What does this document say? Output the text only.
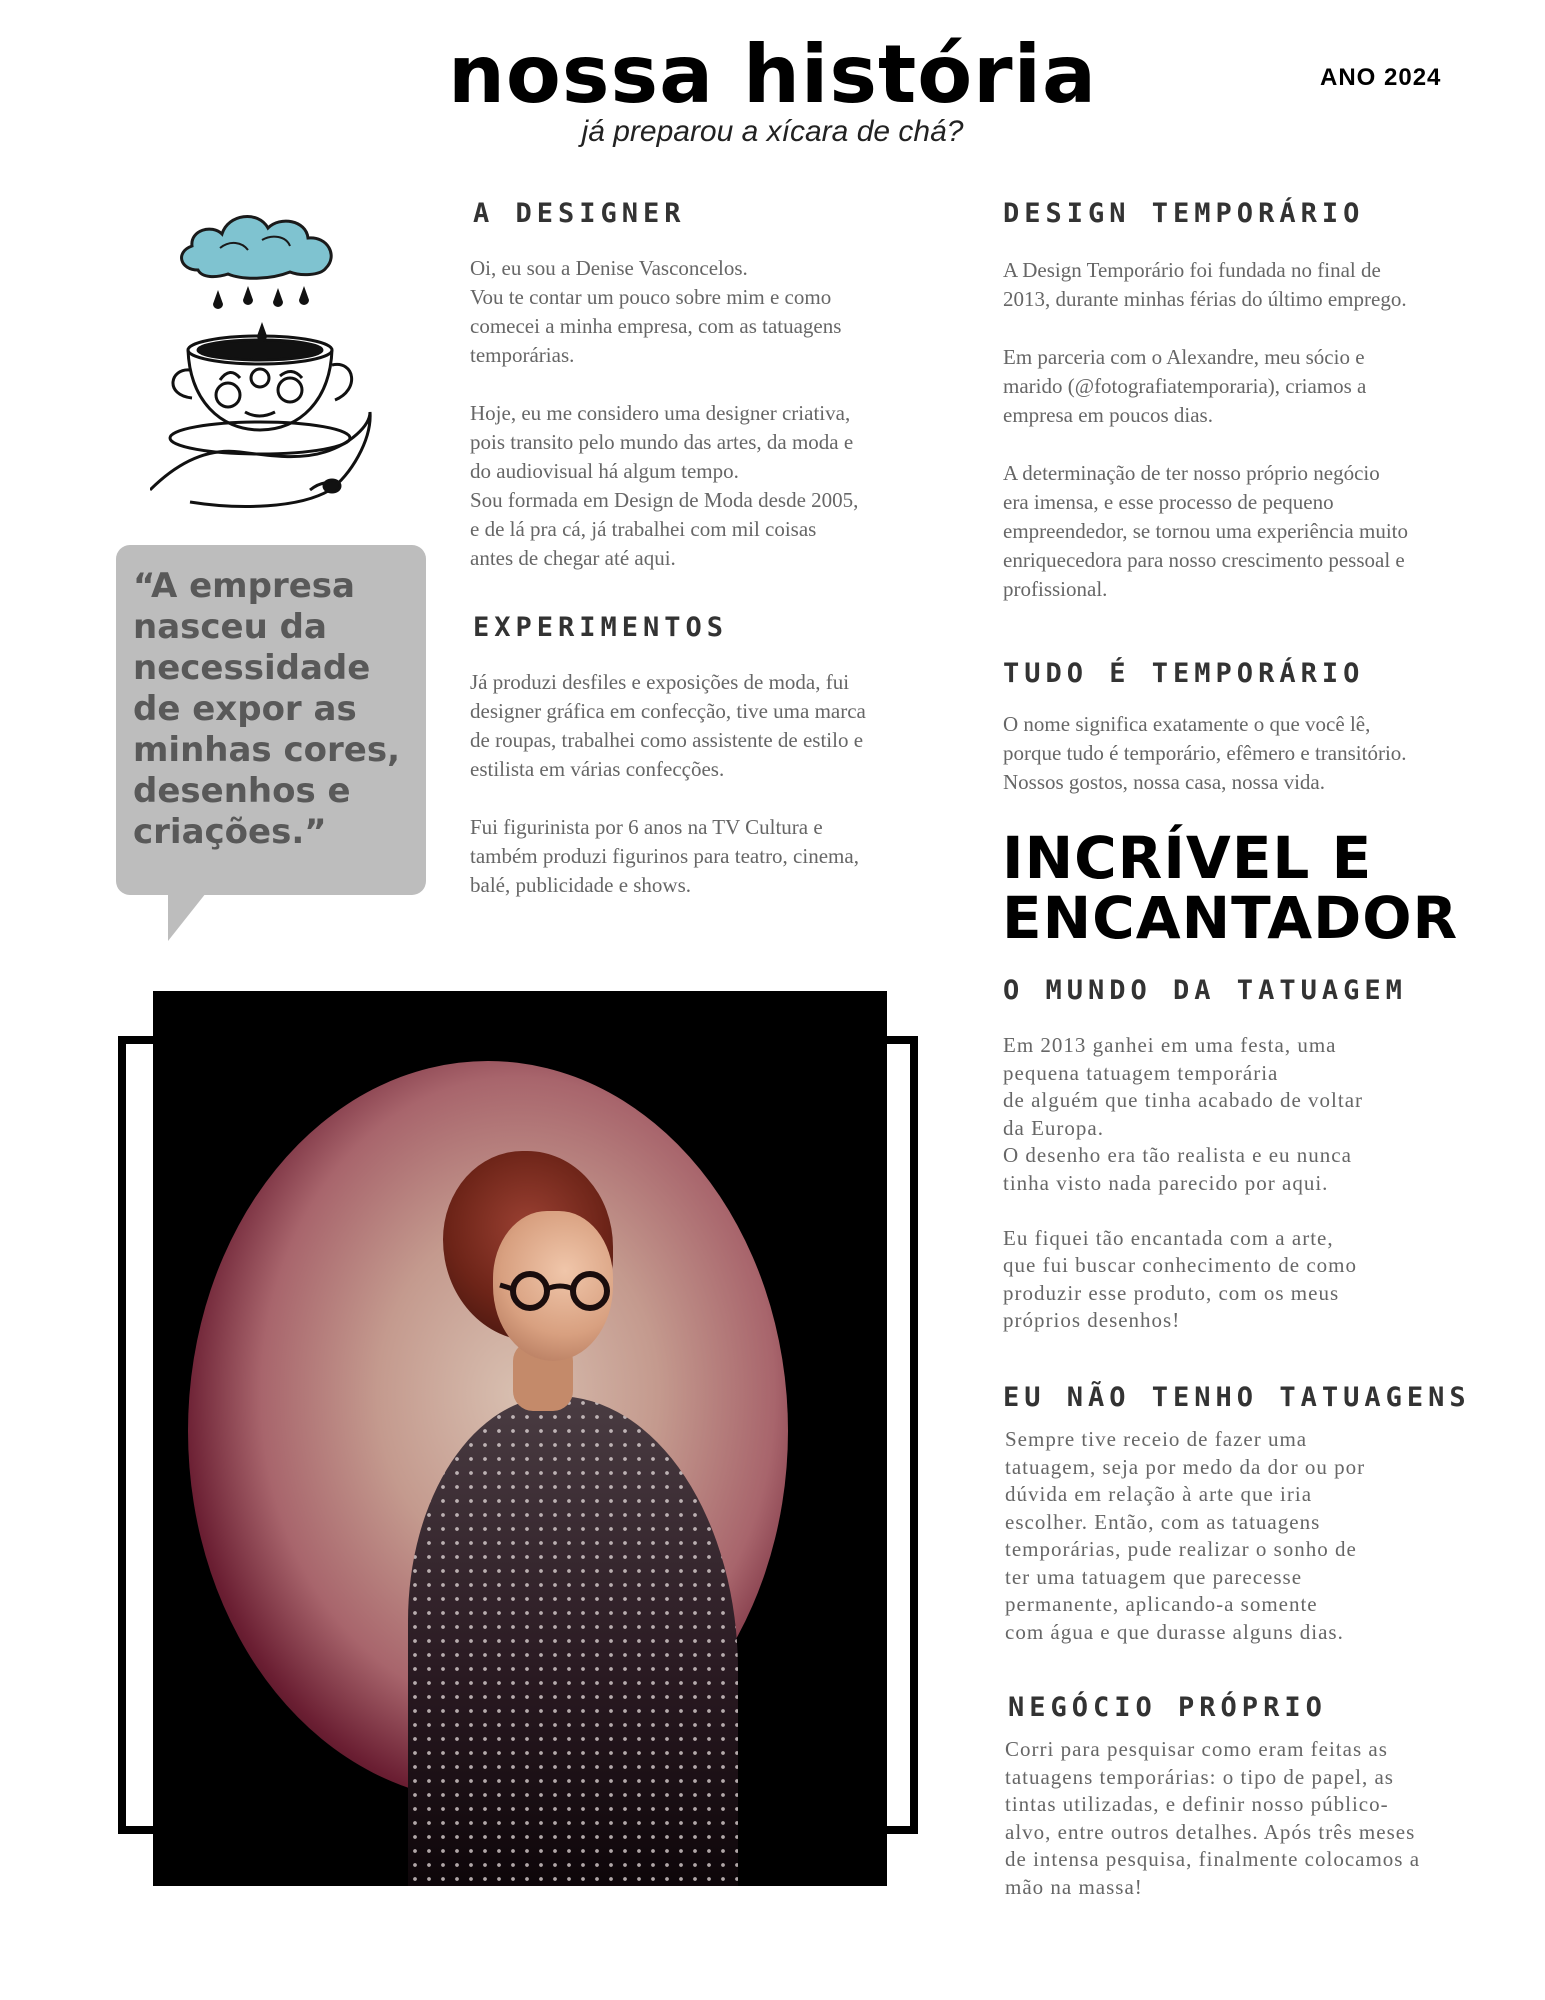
nossa história
já preparou a xícara de chá?
ANO 2024
“A empresa
nasceu da
necessidade
de expor as
minhas cores,
desenhos e
criações.”
A DESIGNER
Oi, eu sou a Denise Vasconcelos.
Vou te contar um pouco sobre mim e como
comecei a minha empresa, com as tatuagens
temporárias.

Hoje, eu me considero uma designer criativa,
pois transito pelo mundo das artes, da moda e
do audiovisual há algum tempo.
Sou formada em Design de Moda desde 2005,
e de lá pra cá, já trabalhei com mil coisas
antes de chegar até aqui.
EXPERIMENTOS
Já produzi desfiles e exposições de moda, fui
designer gráfica em confecção, tive uma marca
de roupas, trabalhei como assistente de estilo e
estilista em várias confecções.

Fui figurinista por 6 anos na TV Cultura e
também produzi figurinos para teatro, cinema,
balé, publicidade e shows.
DESIGN TEMPORÁRIO
A Design Temporário foi fundada no final de
2013, durante minhas férias do último emprego.

Em parceria com o Alexandre, meu sócio e
marido (@fotografiatemporaria), criamos a
empresa em poucos dias.

A determinação de ter nosso próprio negócio
era imensa, e esse processo de pequeno
empreendedor, se tornou uma experiência muito
enriquecedora para nosso crescimento pessoal e
profissional.
TUDO É TEMPORÁRIO
O nome significa exatamente o que você lê,
porque tudo é temporário, efêmero e transitório.
Nossos gostos, nossa casa, nossa vida.
INCRÍVEL E
ENCANTADOR
O MUNDO DA TATUAGEM
Em 2013 ganhei em uma festa, uma
pequena tatuagem temporária
de alguém que tinha acabado de voltar
da Europa.
O desenho era tão realista e eu nunca
tinha visto nada parecido por aqui.

Eu fiquei tão encantada com a arte,
que fui buscar conhecimento de como
produzir esse produto, com os meus
próprios desenhos!
EU NÃO TENHO TATUAGENS
Sempre tive receio de fazer uma
tatuagem, seja por medo da dor ou por
dúvida em relação à arte que iria
escolher. Então, com as tatuagens
temporárias, pude realizar o sonho de
ter uma tatuagem que parecesse
permanente, aplicando-a somente
com água e que durasse alguns dias.
NEGÓCIO PRÓPRIO
Corri para pesquisar como eram feitas as
tatuagens temporárias: o tipo de papel, as
tintas utilizadas, e definir nosso público-
alvo, entre outros detalhes. Após três meses
de intensa pesquisa, finalmente colocamos a
mão na massa!
